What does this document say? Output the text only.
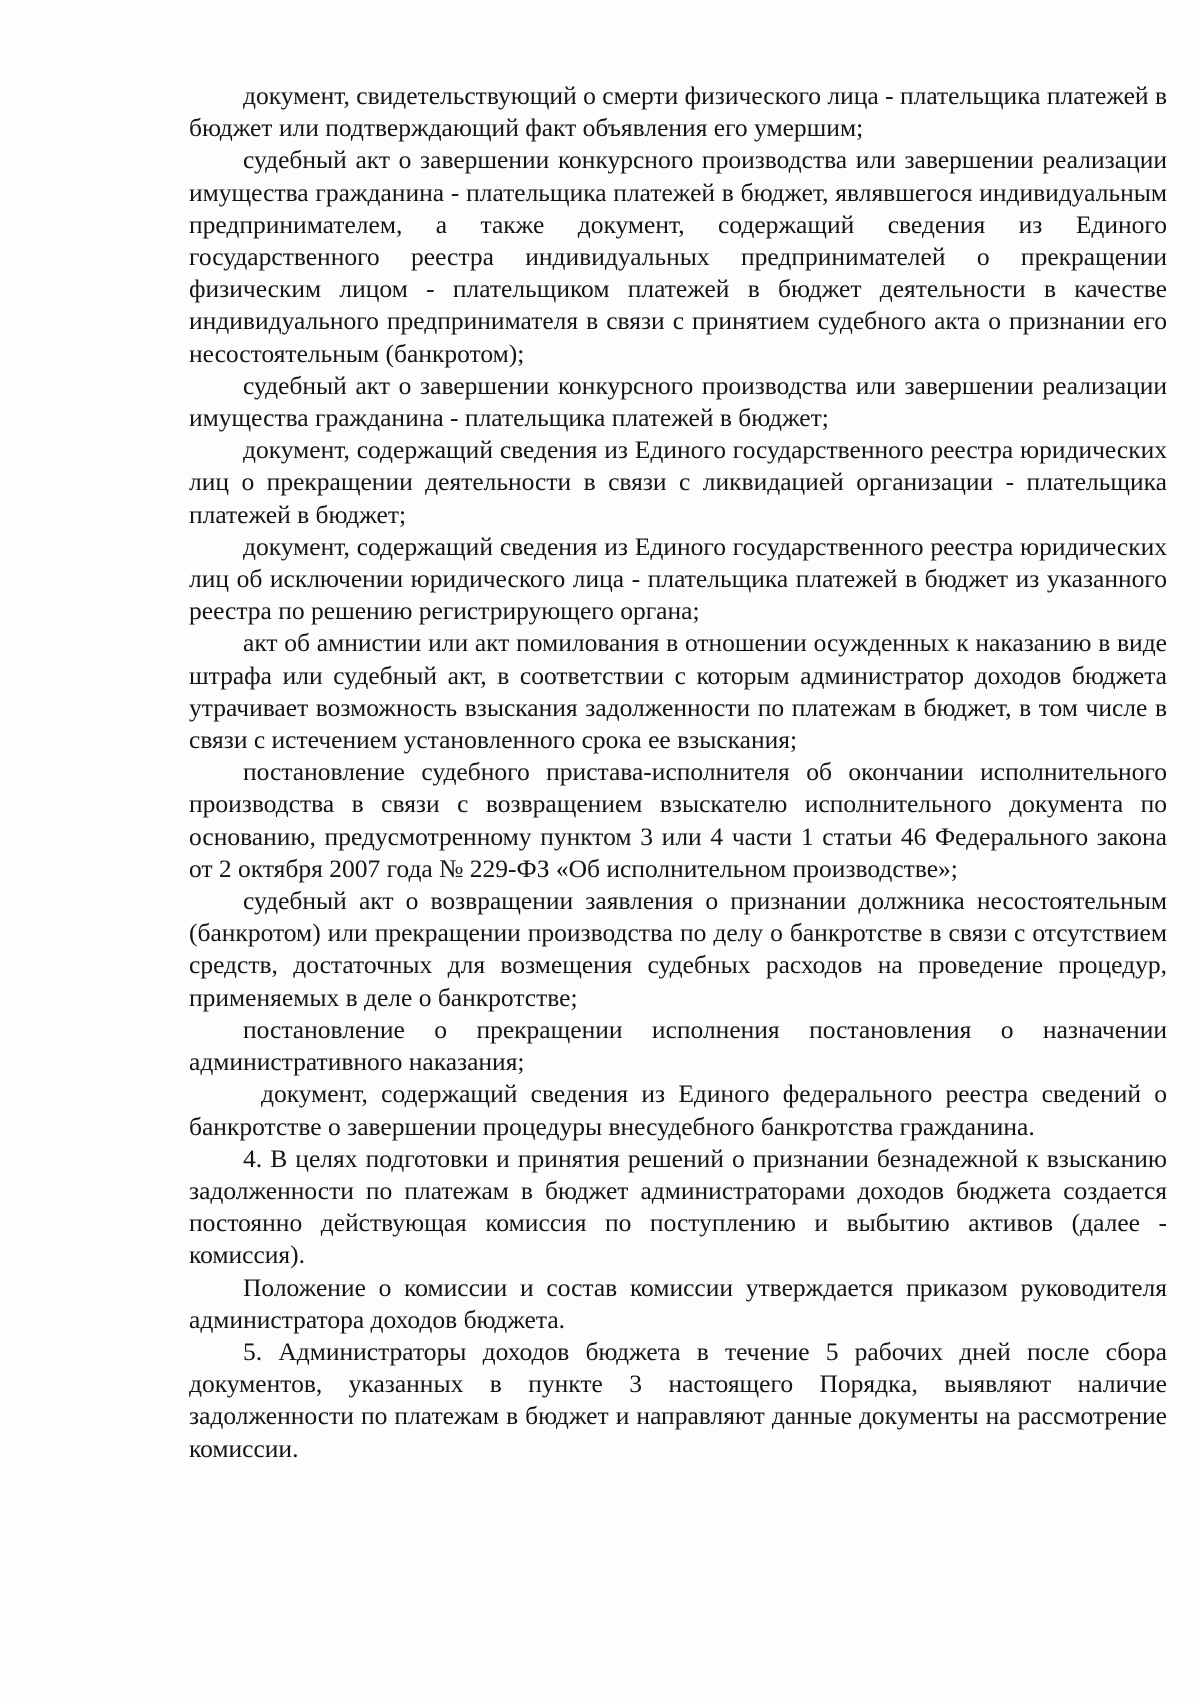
документ, свидетельствующий о смерти физического лица - плательщика платежей в бюджет или подтверждающий факт объявления его умершим;

судебный акт о завершении конкурсного производства или завершении реализации имущества гражданина - плательщика платежей в бюджет, являвшегося индивидуальным предпринимателем, а также документ, содержащий сведения из Единого государственного реестра индивидуальных предпринимателей о прекращении физическим лицом - плательщиком платежей в бюджет деятельности в качестве индивидуального предпринимателя в связи с принятием судебного акта о признании его несостоятельным (банкротом);

судебный акт о завершении конкурсного производства или завершении реализации имущества гражданина - плательщика платежей в бюджет;

документ, содержащий сведения из Единого государственного реестра юридических лиц о прекращении деятельности в связи с ликвидацией организации - плательщика платежей в бюджет;

документ, содержащий сведения из Единого государственного реестра юридических лиц об исключении юридического лица - плательщика платежей в бюджет из указанного реестра по решению регистрирующего органа;

акт об амнистии или акт помилования в отношении осужденных к наказанию в виде штрафа или судебный акт, в соответствии с которым администратор доходов бюджета утрачивает возможность взыскания задолженности по платежам в бюджет, в том числе в связи с истечением установленного срока ее взыскания;

постановление судебного пристава-исполнителя об окончании исполнительного производства в связи с возвращением взыскателю исполнительного документа по основанию, предусмотренному пунктом 3 или 4 части 1 статьи 46 Федерального закона от 2 октября 2007 года № 229-ФЗ «Об исполнительном производстве»;

судебный акт о возвращении заявления о признании должника несостоятельным (банкротом) или прекращении производства по делу о банкротстве в связи с отсутствием средств, достаточных для возмещения судебных расходов на проведение процедур, применяемых в деле о банкротстве;

постановление о прекращении исполнения постановления о назначении административного наказания;

документ, содержащий сведения из Единого федерального реестра сведений о банкротстве о завершении процедуры внесудебного банкротства гражданина.

4. В целях подготовки и принятия решений о признании безнадежной к взысканию задолженности по платежам в бюджет администраторами доходов бюджета создается постоянно действующая комиссия по поступлению и выбытию активов (далее - комиссия).

Положение о комиссии и состав комиссии утверждается приказом руководителя администратора доходов бюджета.

5. Администраторы доходов бюджета в течение 5 рабочих дней после сбора документов, указанных в пункте 3 настоящего Порядка, выявляют наличие задолженности по платежам в бюджет и направляют данные документы на рассмотрение комиссии.
